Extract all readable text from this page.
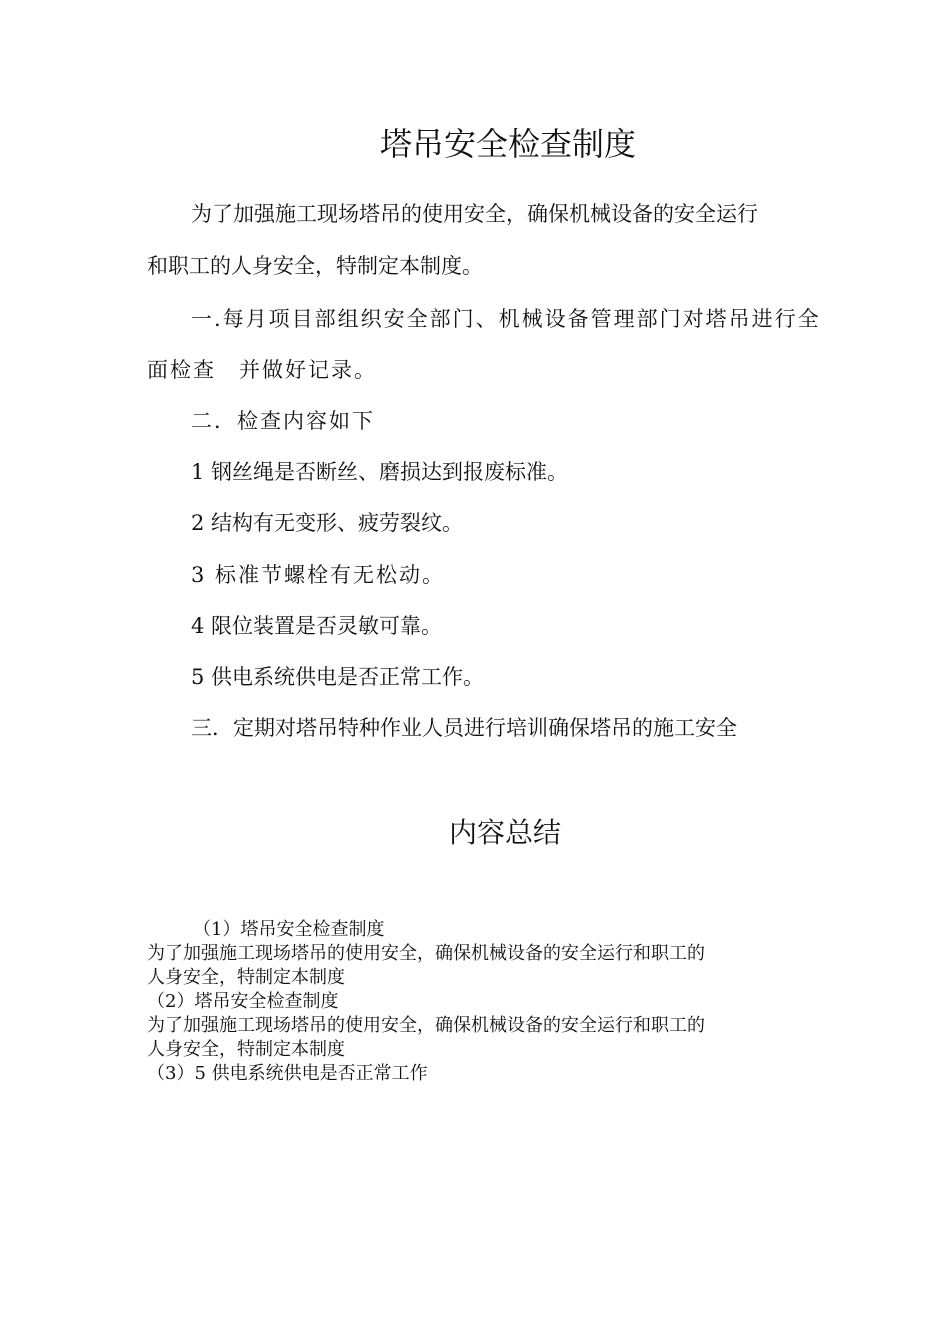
塔吊安全检查制度
为了加强施工现场塔吊的使用安全，确保机械设备的安全运行
和职工的人身安全，特制定本制度。
一.每月项目部组织安全部门、机械设备管理部门对塔吊进行全
面检查　并做好记录。
二．检查内容如下
1 钢丝绳是否断丝、磨损达到报废标准。
2 结构有无变形、疲劳裂纹。
3 标准节螺栓有无松动。
4 限位装置是否灵敏可靠。
5 供电系统供电是否正常工作。
三．定期对塔吊特种作业人员进行培训确保塔吊的施工安全
内容总结
（1）塔吊安全检查制度
为了加强施工现场塔吊的使用安全，确保机械设备的安全运行和职工的
人身安全，特制定本制度
（2）塔吊安全检查制度
为了加强施工现场塔吊的使用安全，确保机械设备的安全运行和职工的
人身安全，特制定本制度
（3）5 供电系统供电是否正常工作
